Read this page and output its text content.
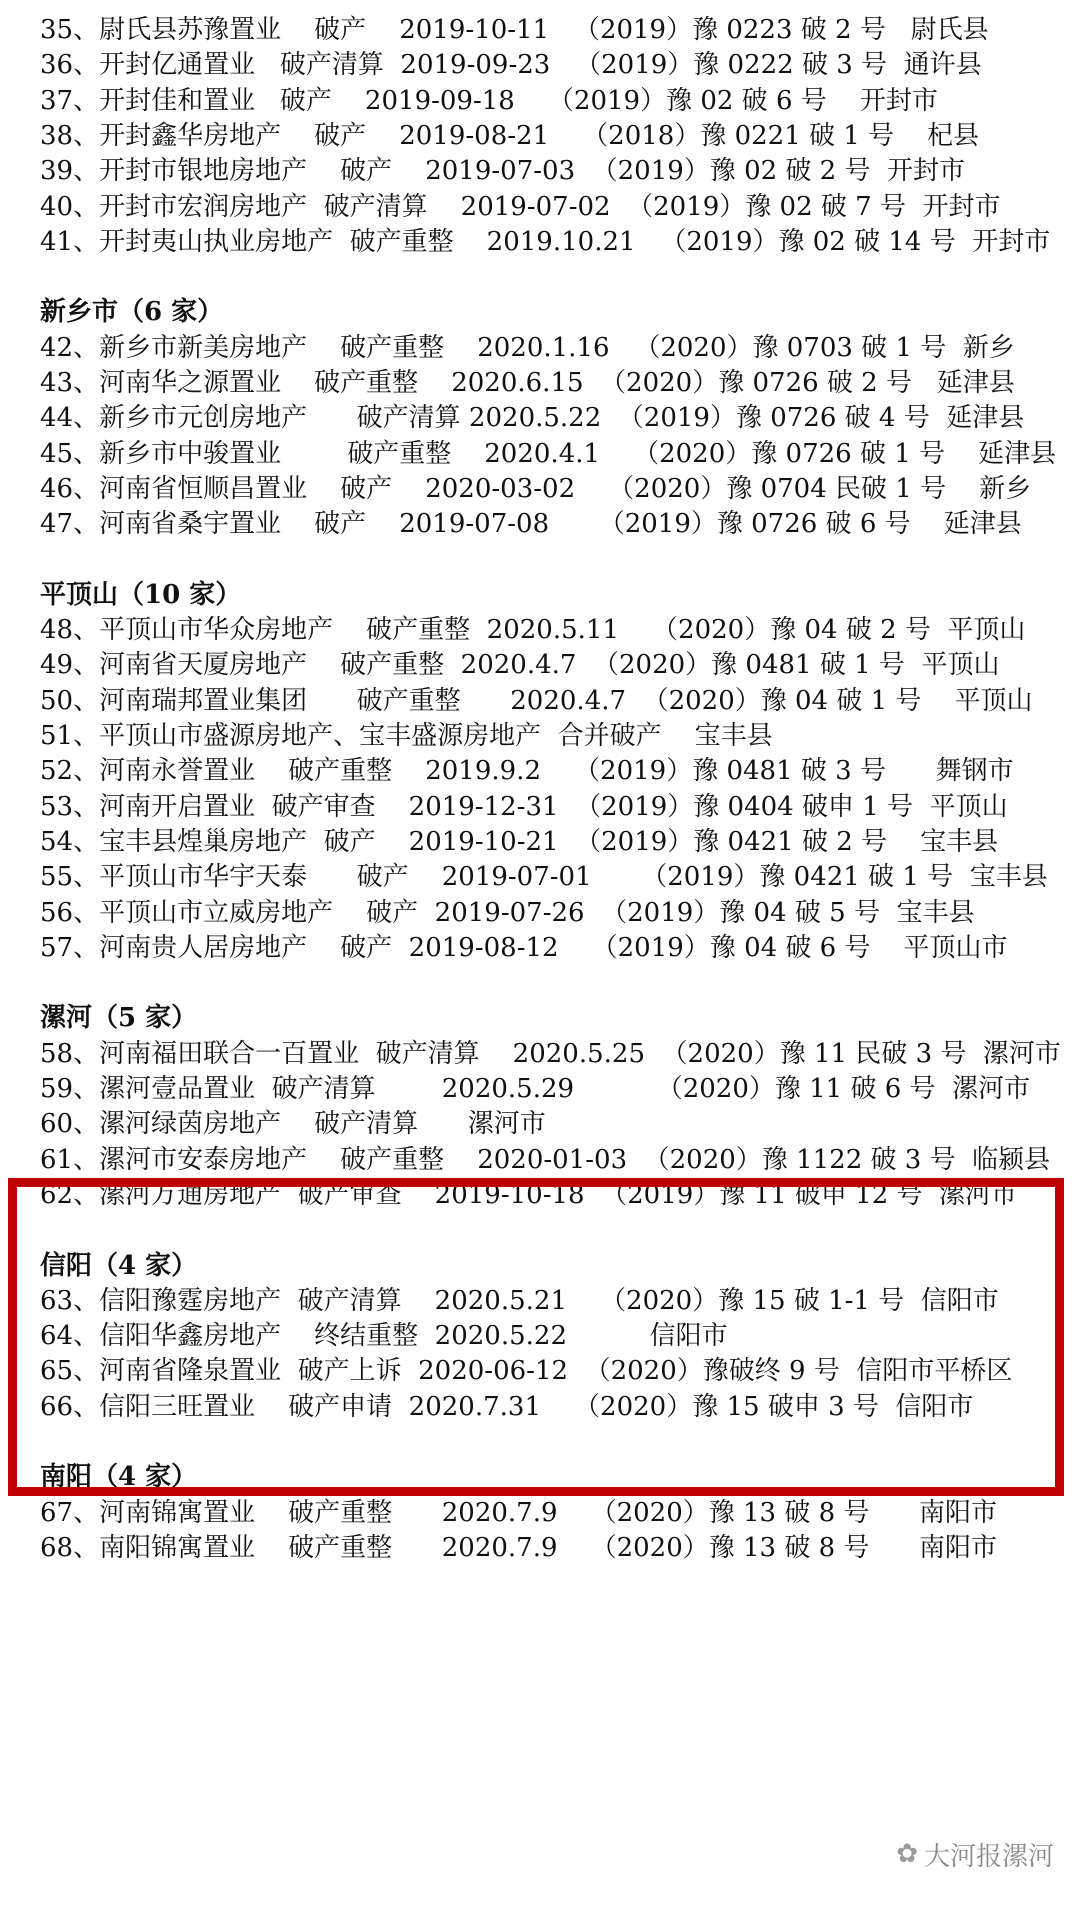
35、尉氏县苏豫置业    破产    2019-10-11   （2019）豫 0223 破 2 号   尉氏县
36、开封亿通置业   破产清算  2019-09-23   （2019）豫 0222 破 3 号  通许县
37、开封佳和置业   破产    2019-09-18    （2019）豫 02 破 6 号    开封市
38、开封鑫华房地产    破产    2019-08-21    （2018）豫 0221 破 1 号    杞县
39、开封市银地房地产    破产    2019-07-03  （2019）豫 02 破 2 号  开封市
40、开封市宏润房地产  破产清算    2019-07-02  （2019）豫 02 破 7 号  开封市
41、开封夷山执业房地产  破产重整    2019.10.21   （2019）豫 02 破 14 号  开封市
新乡市（6 家）
42、新乡市新美房地产    破产重整    2020.1.16   （2020）豫 0703 破 1 号  新乡
43、河南华之源置业    破产重整    2020.6.15  （2020）豫 0726 破 2 号   延津县
44、新乡市元创房地产      破产清算 2020.5.22  （2019）豫 0726 破 4 号  延津县
45、新乡市中骏置业        破产重整    2020.4.1    （2020）豫 0726 破 1 号    延津县
46、河南省恒顺昌置业    破产    2020-03-02    （2020）豫 0704 民破 1 号    新乡
47、河南省桑宇置业    破产    2019-07-08      （2019）豫 0726 破 6 号    延津县
平顶山（10 家）
48、平顶山市华众房地产    破产重整  2020.5.11    （2020）豫 04 破 2 号  平顶山
49、河南省天厦房地产    破产重整  2020.4.7  （2020）豫 0481 破 1 号  平顶山
50、河南瑞邦置业集团      破产重整      2020.4.7  （2020）豫 04 破 1 号    平顶山
51、平顶山市盛源房地产、宝丰盛源房地产  合并破产    宝丰县
52、河南永誉置业    破产重整    2019.9.2    （2019）豫 0481 破 3 号      舞钢市
53、河南开启置业  破产审查    2019-12-31  （2019）豫 0404 破申 1 号  平顶山
54、宝丰县煌巢房地产  破产    2019-10-21  （2019）豫 0421 破 2 号    宝丰县
55、平顶山市华宇天泰      破产    2019-07-01      （2019）豫 0421 破 1 号  宝丰县
56、平顶山市立威房地产    破产  2019-07-26  （2019）豫 04 破 5 号  宝丰县
57、河南贵人居房地产    破产  2019-08-12    （2019）豫 04 破 6 号    平顶山市
漯河（5 家）
58、河南福田联合一百置业  破产清算    2020.5.25  （2020）豫 11 民破 3 号  漯河市
59、漯河壹品置业  破产清算        2020.5.29          （2020）豫 11 破 6 号  漯河市
60、漯河绿茵房地产    破产清算      漯河市
61、漯河市安泰房地产    破产重整    2020-01-03  （2020）豫 1122 破 3 号  临颍县
62、漯河万通房地产  破产审查    2019-10-18  （2019）豫 11 破申 12 号  漯河市
信阳（4 家）
63、信阳豫霆房地产  破产清算    2020.5.21    （2020）豫 15 破 1-1 号  信阳市
64、信阳华鑫房地产    终结重整  2020.5.22          信阳市
65、河南省隆泉置业  破产上诉  2020-06-12  （2020）豫破终 9 号  信阳市平桥区
66、信阳三旺置业    破产申请  2020.7.31    （2020）豫 15 破申 3 号  信阳市
南阳（4 家）
67、河南锦寓置业    破产重整      2020.7.9    （2020）豫 13 破 8 号      南阳市
68、南阳锦寓置业    破产重整      2020.7.9    （2020）豫 13 破 8 号      南阳市
✿ 大河报漯河
